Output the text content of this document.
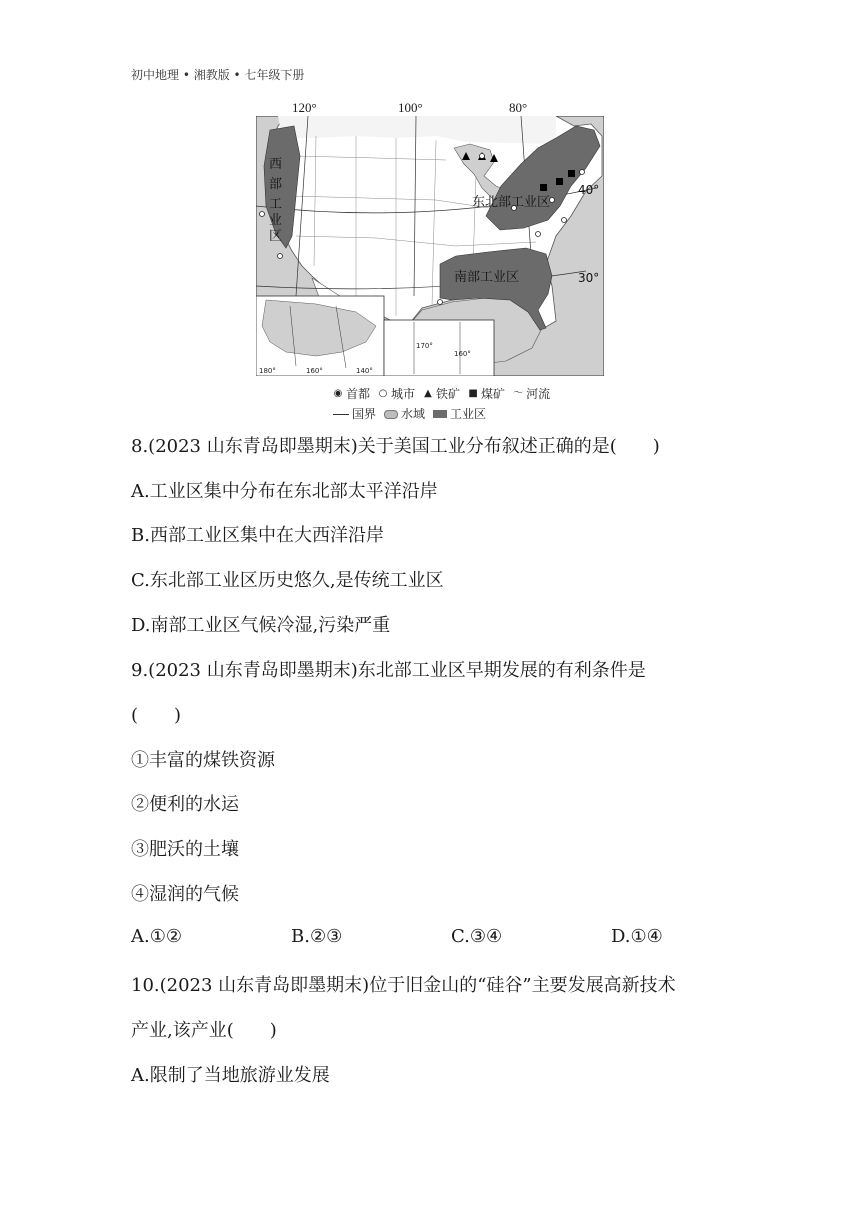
初中地理 • 湘教版 • 七年级下册
120°	100°	80°
西
部
工
业
区
东北部工业区
南部工业区
40°
30°
180°	160°	140°
170°
160°
◉ 首都 ○ 城市 ▲ 铁矿 ■ 煤矿 〜 河流
国界 水域 工业区
8.(2023 山东青岛即墨期末)关于美国工业分布叙述正确的是(　　)
A.工业区集中分布在东北部太平洋沿岸
B.西部工业区集中在大西洋沿岸
C.东北部工业区历史悠久,是传统工业区
D.南部工业区气候冷湿,污染严重
9.(2023 山东青岛即墨期末)东北部工业区早期发展的有利条件是
(　　)
①丰富的煤铁资源
②便利的水运
③肥沃的土壤
④湿润的气候
A.①②	B.②③	C.③④	D.①④
10.(2023 山东青岛即墨期末)位于旧金山的“硅谷”主要发展高新技术
产业,该产业(　　)
A.限制了当地旅游业发展
